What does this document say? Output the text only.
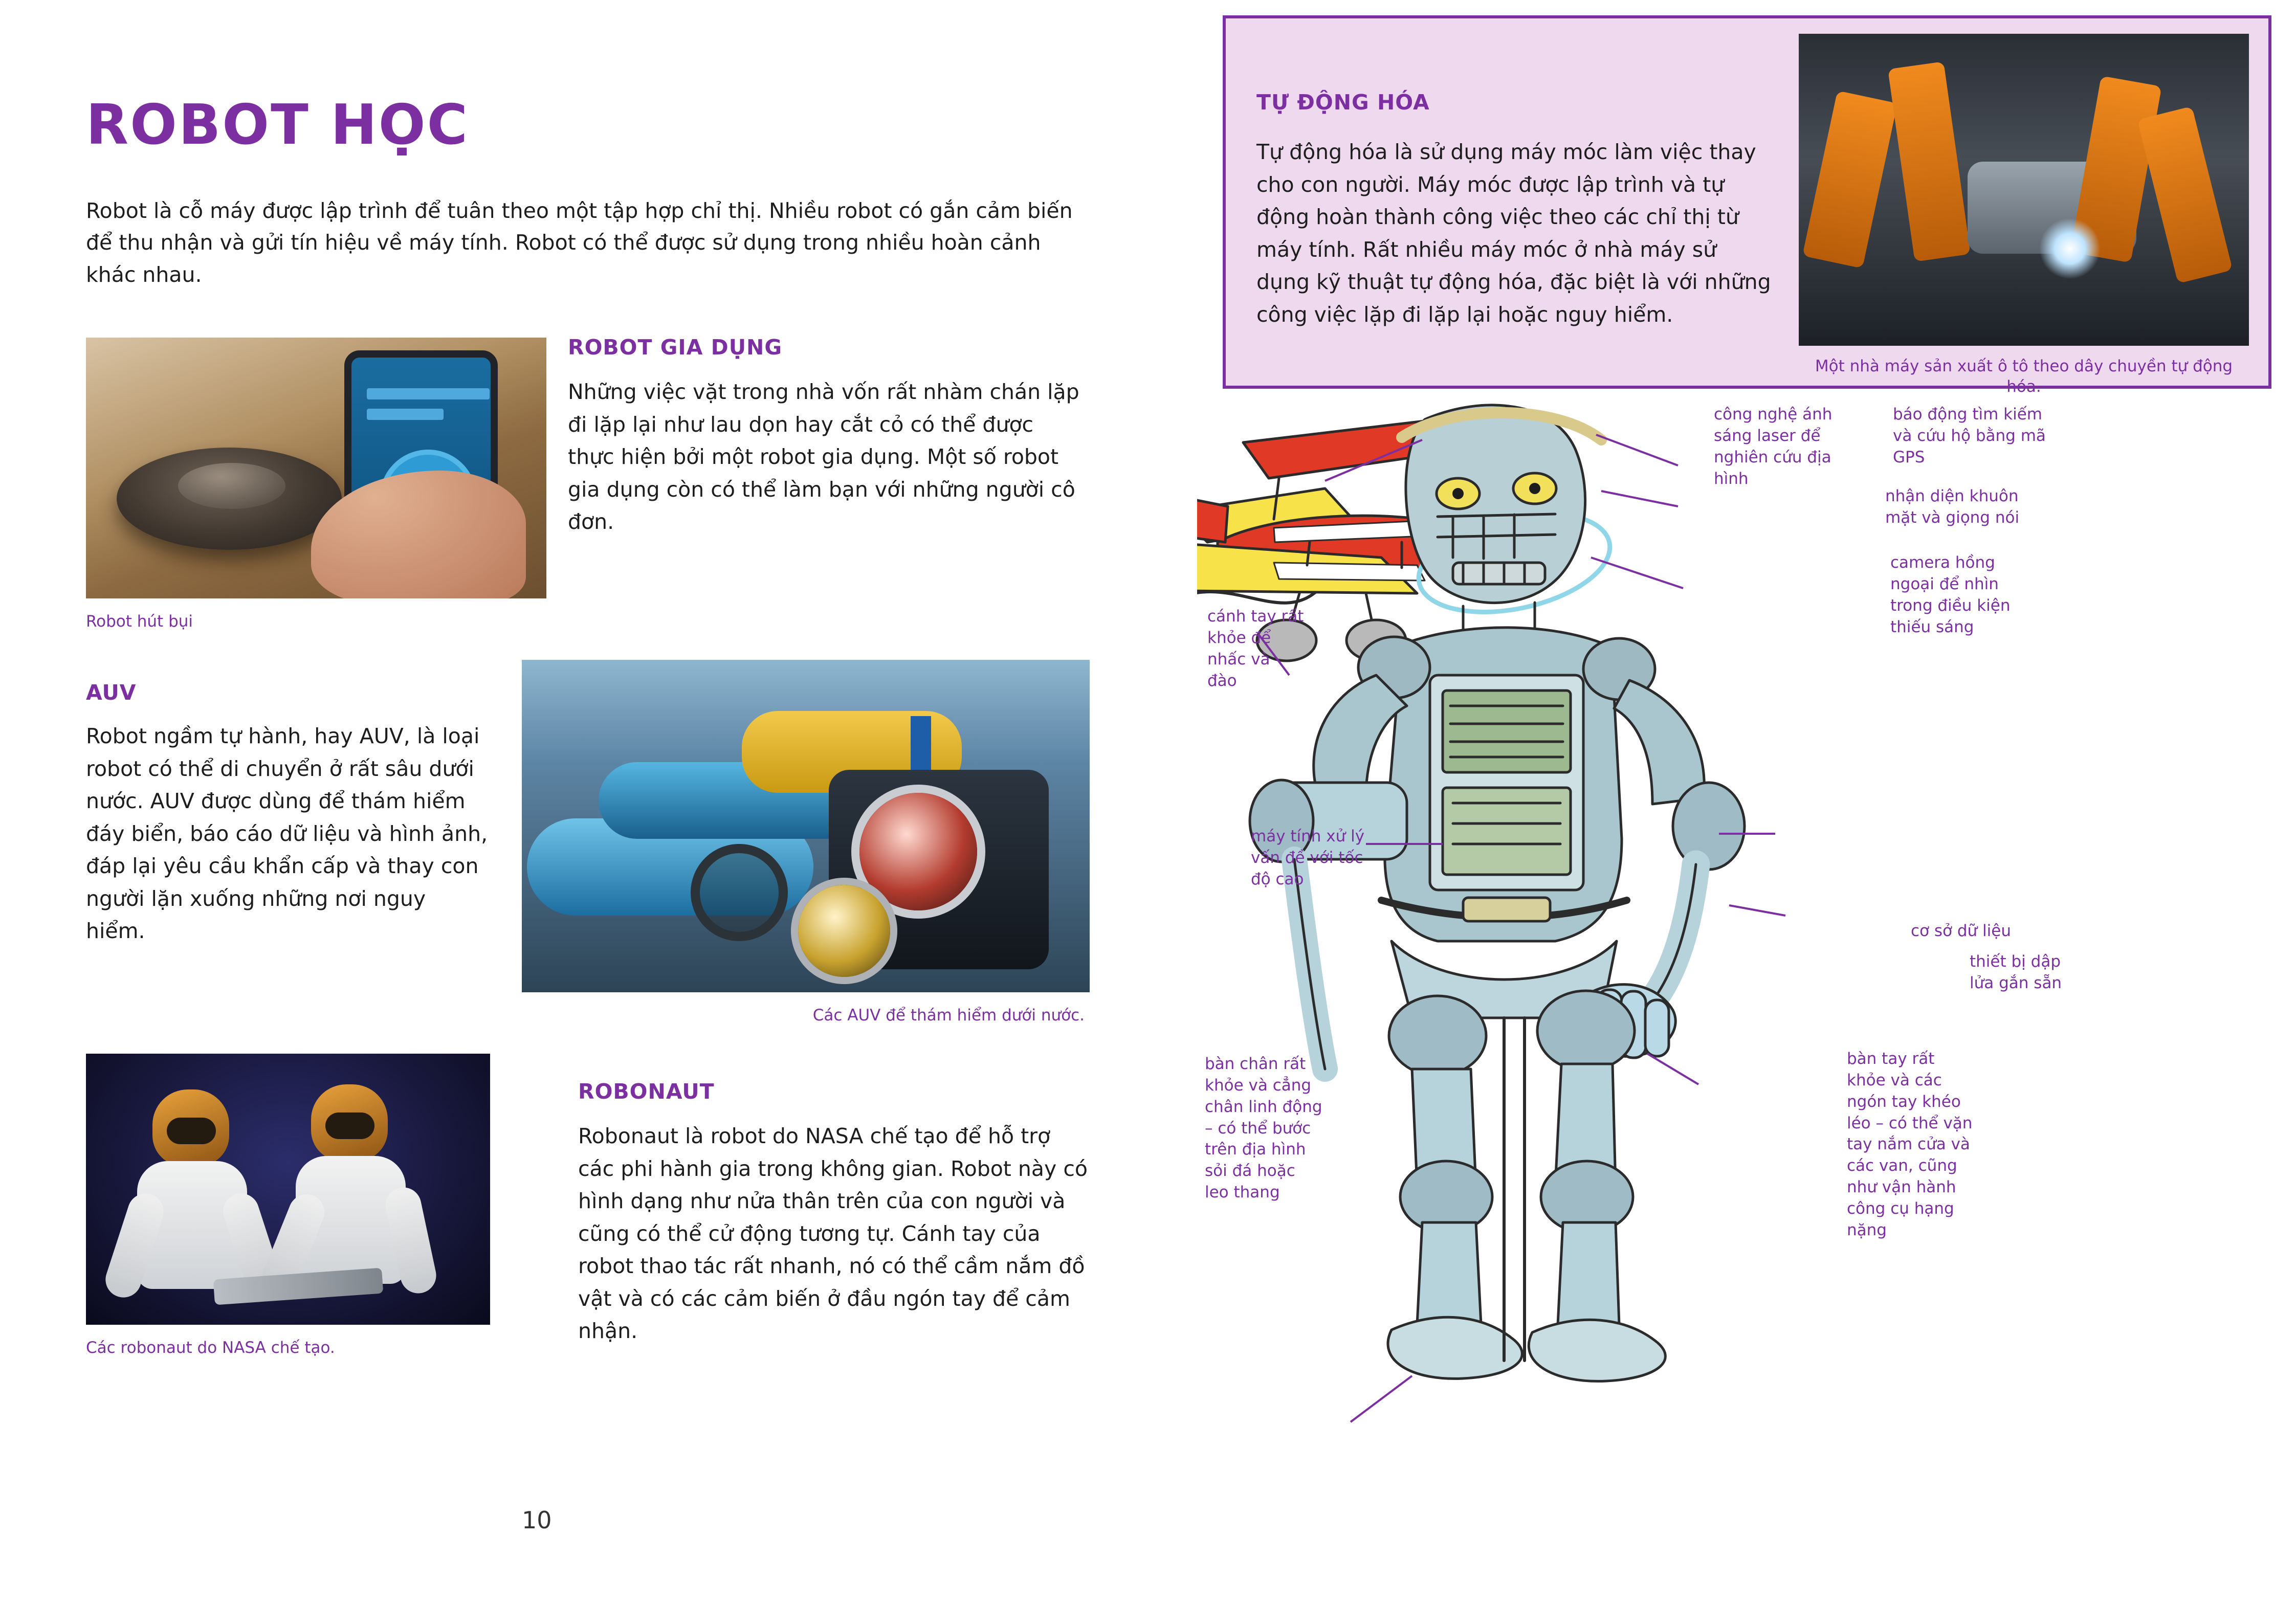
ROBOT HỌC

Robot là cỗ máy được lập trình để tuân theo một tập hợp chỉ thị. Nhiều robot có gắn cảm biến để thu nhận và gửi tín hiệu về máy tính. Robot có thể được sử dụng trong nhiều hoàn cảnh khác nhau.

Robot hút bụi
ROBOT GIA DỤNG
Những việc vặt trong nhà vốn rất nhàm chán lặp đi lặp lại như lau dọn hay cắt cỏ có thể được thực hiện bởi một robot gia dụng. Một số robot gia dụng còn có thể làm bạn với những người cô đơn.
AUV
Robot ngầm tự hành, hay AUV, là loại robot có thể di chuyển ở rất sâu dưới nước. AUV được dùng để thám hiểm đáy biển, báo cáo dữ liệu và hình ảnh, đáp lại yêu cầu khẩn cấp và thay con người lặn xuống những nơi nguy hiểm.
Các AUV để thám hiểm dưới nước.
Các robonaut do NASA chế tạo.
ROBONAUT
Robonaut là robot do NASA chế tạo để hỗ trợ các phi hành gia trong không gian. Robot này có hình dạng như nửa thân trên của con người và cũng có thể cử động tương tự. Cánh tay của robot thao tác rất nhanh, nó có thể cầm nắm đồ vật và có các cảm biến ở đầu ngón tay để cảm nhận.
10
TỰ ĐỘNG HÓA
Tự động hóa là sử dụng máy móc làm việc thay cho con người. Máy móc được lập trình và tự động hoàn thành công việc theo các chỉ thị từ máy tính. Rất nhiều máy móc ở nhà máy sử dụng kỹ thuật tự động hóa, đặc biệt là với những công việc lặp đi lặp lại hoặc nguy hiểm.
Một nhà máy sản xuất ô tô theo dây chuyền tự động hóa.
công nghệ ánh sáng laser để nghiên cứu địa hình
báo động tìm kiếm và cứu hộ bằng mã GPS
nhận diện khuôn mặt và giọng nói
camera hồng ngoại để nhìn trong điều kiện thiếu sáng
cánh tay rất khỏe để nhấc và đào
cơ sở dữ liệu
máy tính xử lý vấn đề với tốc độ cao
thiết bị dập lửa gắn sẵn
bàn chân rất khỏe và cẳng chân linh động – có thể bước trên địa hình sỏi đá hoặc leo thang
bàn tay rất khỏe và các ngón tay khéo léo – có thể vặn tay nắm cửa và các van, cũng như vận hành công cụ hạng nặng
